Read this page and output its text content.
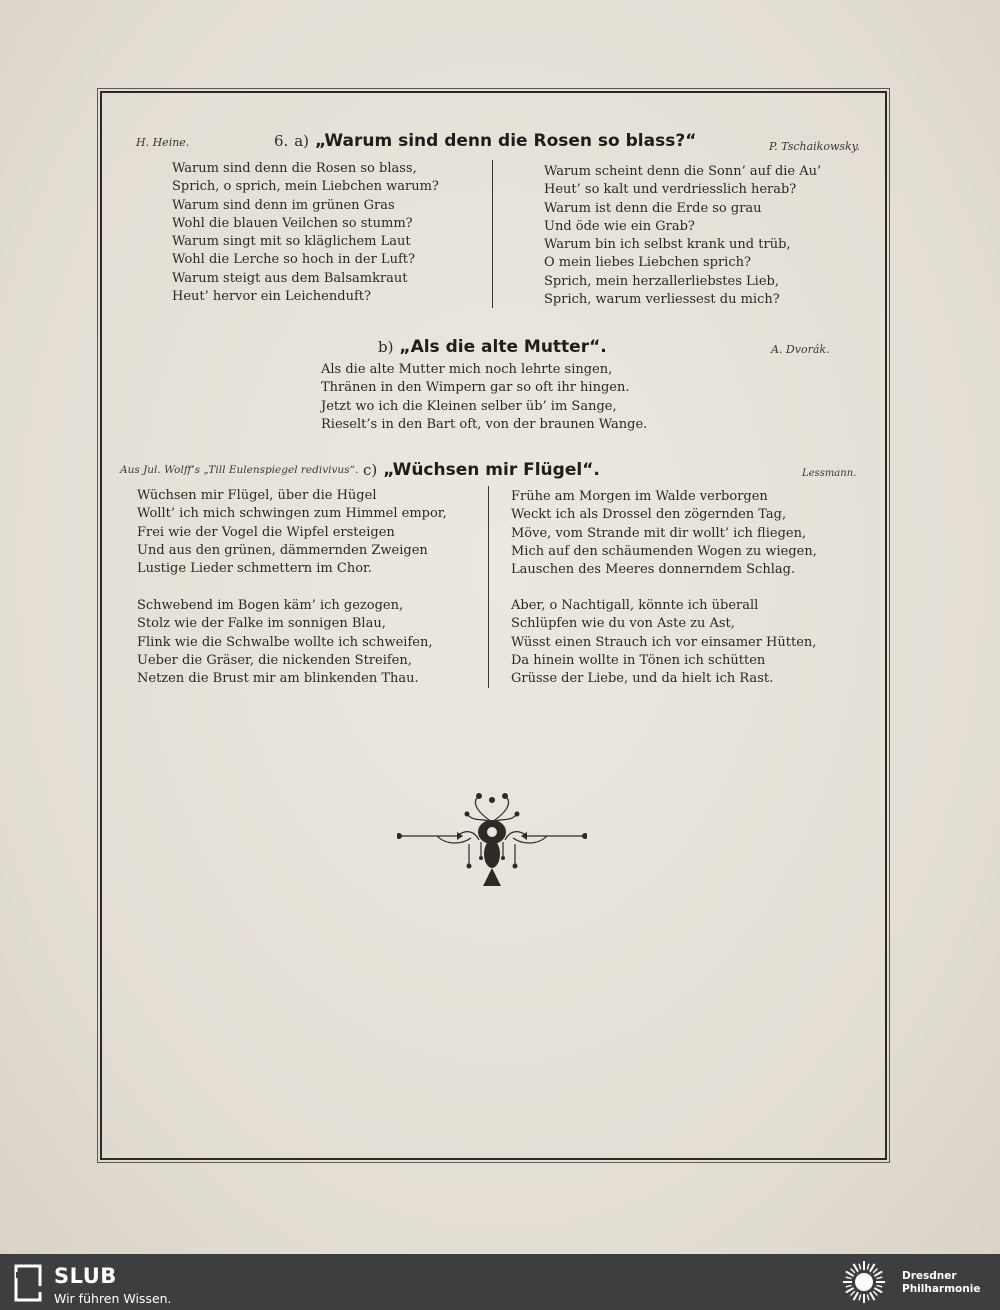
H. Heine.	6. a) „Warum sind denn die Rosen so blass?“	P. Tschaikowsky.
Warum sind denn die Rosen so blass,
Sprich, o sprich, mein Liebchen warum?
Warum sind denn im grünen Gras
Wohl die blauen Veilchen so stumm?
Warum singt mit so kläglichem Laut
Wohl die Lerche so hoch in der Luft?
Warum steigt aus dem Balsamkraut
Heut’ hervor ein Leichenduft?
Warum scheint denn die Sonn’ auf die Au’
Heut’ so kalt und verdriesslich herab?
Warum ist denn die Erde so grau
Und öde wie ein Grab?
Warum bin ich selbst krank und trüb,
O mein liebes Liebchen sprich?
Sprich, mein herzallerliebstes Lieb,
Sprich, warum verliessest du mich?
b) „Als die alte Mutter“.	A. Dvorák.
Als die alte Mutter mich noch lehrte singen,
Thränen in den Wimpern gar so oft ihr hingen.
Jetzt wo ich die Kleinen selber üb’ im Sange,
Rieselt’s in den Bart oft, von der braunen Wange.
Aus Jul. Wolff’s „Till Eulenspiegel redivivus“. c) „Wüchsen mir Flügel“.	Lessmann.
Wüchsen mir Flügel, über die Hügel
Wollt’ ich mich schwingen zum Himmel empor,
Frei wie der Vogel die Wipfel ersteigen
Und aus den grünen, dämmernden Zweigen
Lustige Lieder schmettern im Chor.
Schwebend im Bogen käm’ ich gezogen,
Stolz wie der Falke im sonnigen Blau,
Flink wie die Schwalbe wollte ich schweifen,
Ueber die Gräser, die nickenden Streifen,
Netzen die Brust mir am blinkenden Thau.
Frühe am Morgen im Walde verborgen
Weckt ich als Drossel den zögernden Tag,
Möve, vom Strande mit dir wollt’ ich fliegen,
Mich auf den schäumenden Wogen zu wiegen,
Lauschen des Meeres donnerndem Schlag.
Aber, o Nachtigall, könnte ich überall
Schlüpfen wie du von Aste zu Ast,
Wüsst einen Strauch ich vor einsamer Hütten,
Da hinein wollte in Tönen ich schütten
Grüsse der Liebe, und da hielt ich Rast.
SLUB
Wir führen Wissen.
Dresdner
Philharmonie
